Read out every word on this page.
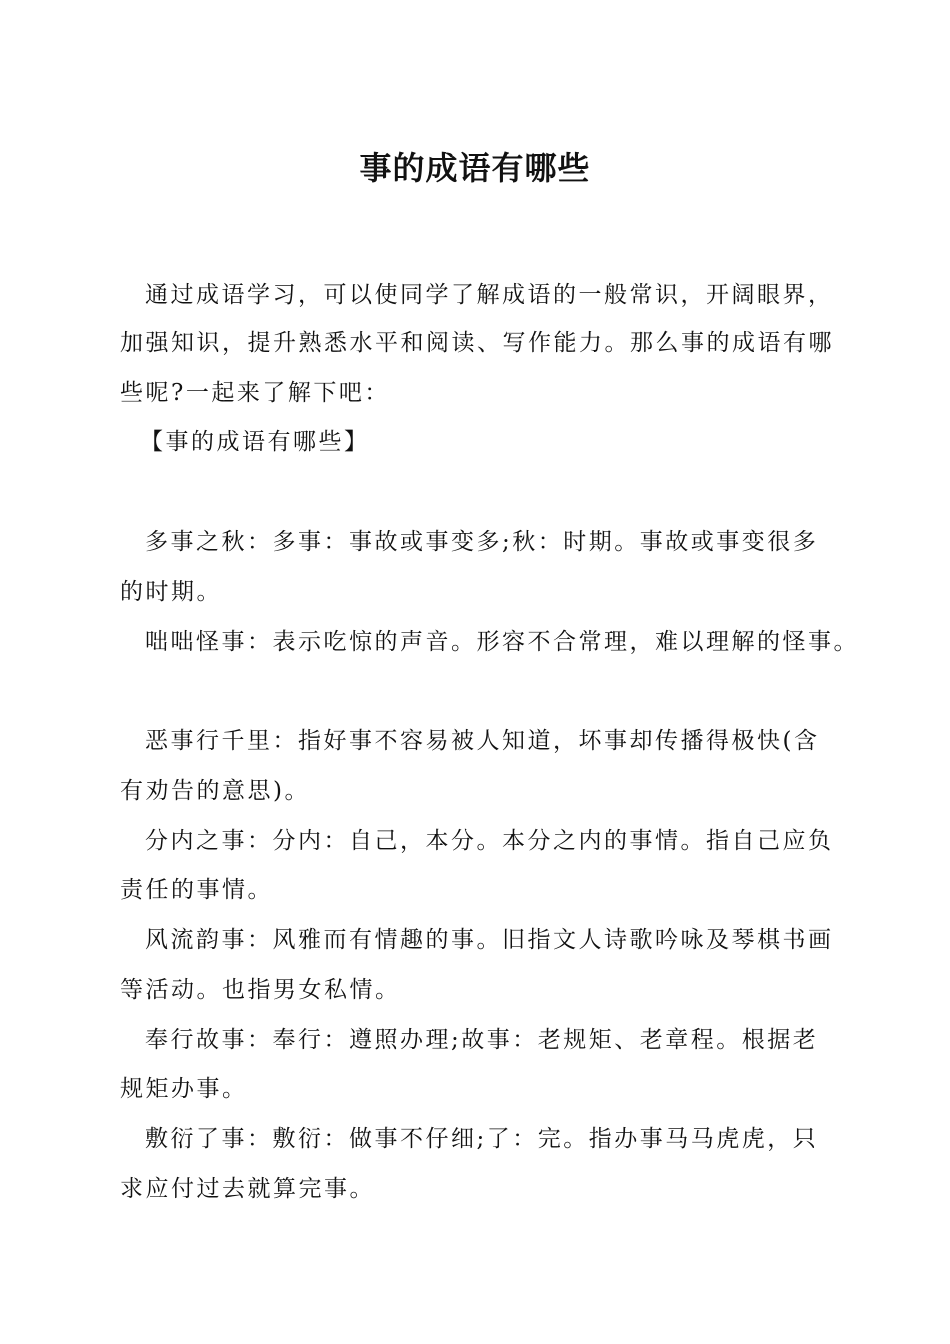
事的成语有哪些
通过成语学习，可以使同学了解成语的一般常识，开阔眼界，
加强知识，提升熟悉水平和阅读、写作能力。那么事的成语有哪
些呢?一起来了解下吧：
【事的成语有哪些】
多事之秋：多事：事故或事变多;秋：时期。事故或事变很多
的时期。
咄咄怪事：表示吃惊的声音。形容不合常理，难以理解的怪事。
恶事行千里：指好事不容易被人知道，坏事却传播得极快(含
有劝告的意思)。
分内之事：分内：自己，本分。本分之内的事情。指自己应负
责任的事情。
风流韵事：风雅而有情趣的事。旧指文人诗歌吟咏及琴棋书画
等活动。也指男女私情。
奉行故事：奉行：遵照办理;故事：老规矩、老章程。根据老
规矩办事。
敷衍了事：敷衍：做事不仔细;了：完。指办事马马虎虎，只
求应付过去就算完事。
